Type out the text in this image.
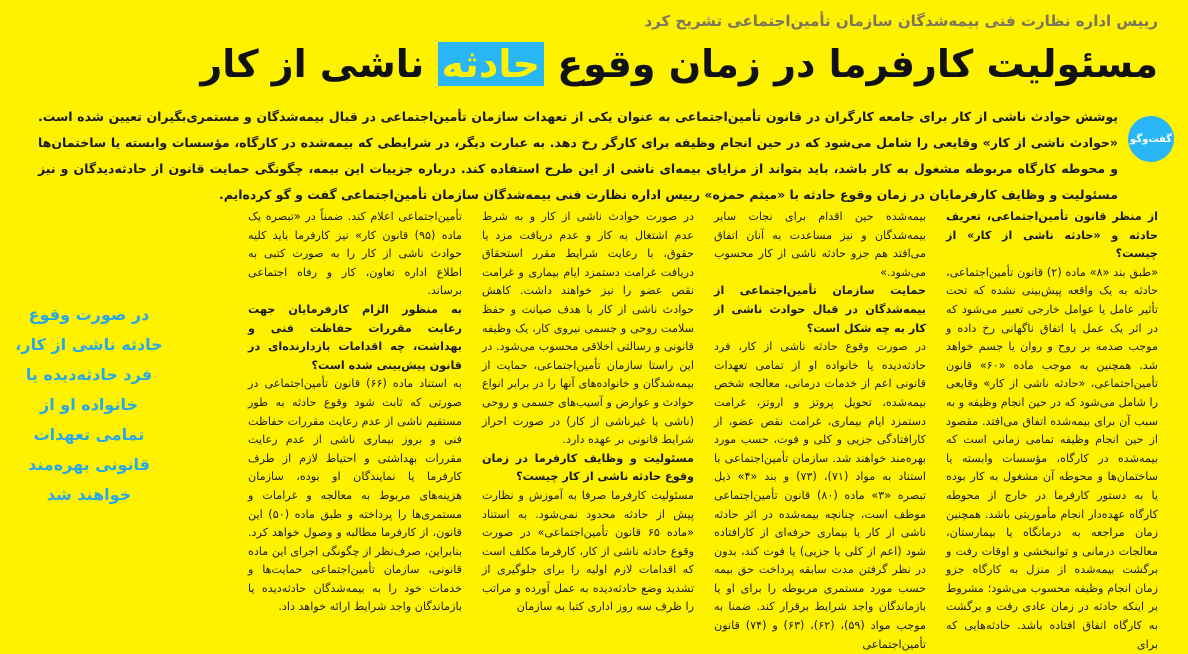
رییس اداره نظارت فنی بیمه‌شدگان سازمان تأمین‌اجتماعی تشریح کرد
مسئولیت کارفرما در زمان وقوع حادثه ناشی از کار
گفت‌وگو
پوشش حوادث ناشی از کار برای جامعه کارگران در قانون تأمین‌اجتماعی به عنوان یکی از تعهدات سازمان تأمین‌اجتماعی در قبال بیمه‌شدگان و مستمری‌بگیران تعیین شده است. «حوادث ناشی از کار» وقایعی را شامل می‌شود که در حین انجام وظیفه برای کارگر رخ دهد. به عبارت دیگر، در شرایطی که بیمه‌شده در کارگاه، مؤسسات وابسته یا ساختمان‌ها و محوطه کارگاه مربوطه مشغول به کار باشد، باید بتواند از مزایای بیمه‌ای ناشی از این طرح استفاده کند. درباره جزییات این بیمه، چگونگی حمایت قانون از حادثه‌دیدگان و نیز مسئولیت و وظایف کارفرمایان در زمان وقوع حادثه با «میثم حمزه» رییس اداره نظارت فنی بیمه‌شدگان سازمان تأمین‌اجتماعی گفت و گو کرده‌ایم.

از منظر قانون تأمین‌اجتماعی، تعریف حادثه و «حادثه ناشی از کار» از چیست؟

«طبق بند «۸» ماده (۲) قانون تأمین‌اجتماعی، حادثه به یک واقعه پیش‌بینی نشده که تحت تأثیر عامل یا عوامل خارجی تعبیر می‌شود که در اثر یک عمل یا اتفاق ناگهانی رخ داده و موجب صدمه بر روح و روان یا جسم خواهد شد. همچنین به موجب ماده «۶۰» قانون تأمین‌اجتماعی، «حادثه ناشی از کار» وقایعی را شامل می‌شود که در حین انجام وظیفه و به سبب آن برای بیمه‌شده اتفاق می‌افتد. مقصود از حین انجام وظیفه تمامی زمانی است که بیمه‌شده در کارگاه، مؤسسات وابسته یا ساختمان‌ها و محوطه آن مشغول به کار بوده یا به دستور کارفرما در خارج از محوطه کارگاه عهده‌دار انجام مأموریتی باشد. همچنین زمان مراجعه به درمانگاه یا بیمارستان، معالجات درمانی و توانبخشی و اوقات رفت و برگشت بیمه‌شده از منزل به کارگاه جزو زمان انجام وظیفه محسوب می‌شود؛ مشروط بر اینکه حادثه در زمان عادی رفت و برگشت به کارگاه اتفاق افتاده باشد. حادثه‌هایی که برای

بیمه‌شده حین اقدام برای نجات سایر بیمه‌شدگان و نیز مساعدت به آنان اتفاق می‌افتد هم جزو حادثه ناشی از کار محسوب می‌شود.»

حمایت سازمان تأمین‌اجتماعی از بیمه‌شدگان در قبال حوادث ناشی از کار به چه شکل است؟

در صورت وقوع حادثه ناشی از کار، فرد حادثه‌دیده یا خانواده او از تمامی تعهدات قانونی اعم از خدمات درمانی، معالجه شخص بیمه‌شده، تحویل پروتز و اروتز، غرامت دستمزد ایام بیماری، غرامت نقص عضو، از کارافتادگی جزیی و کلی و فوت، حسب مورد بهره‌مند خواهند شد. سازمان تأمین‌اجتماعی با استناد به مواد (۷۱)، (۷۳) و بند «۴» ذیل تبصره «۳» ماده (۸۰) قانون تأمین‌اجتماعی موظف است، چنانچه بیمه‌شده در اثر حادثه ناشی از کار یا بیماری حرفه‌ای از کارافتاده شود (اعم از کلی یا جزیی) یا فوت کند، بدون در نظر گرفتن مدت سابقه پرداخت حق بیمه حسب مورد مستمری مربوطه را برای او یا بازماندگان واجد شرایط برقرار کند. ضمنا به موجب مواد (۵۹)، (۶۲)، (۶۳) و (۷۴) قانون تأمین‌اجتماعی

در صورت حوادث ناشی از کار و به شرط عدم اشتغال به کار و عدم دریافت مزد یا حقوق، با رعایت شرایط مقرر استحقاق دریافت غرامت دستمزد ایام بیماری و غرامت نقص عضو را نیز خواهند داشت. کاهش حوادث ناشی از کار با هدف صیانت و حفظ سلامت روحی و جسمی نیروی کار، یک وظیفه قانونی و رسالتی اخلاقی محسوب می‌شود. در این راستا سازمان تأمین‌اجتماعی، حمایت از بیمه‌شدگان و خانواده‌های آنها را در برابر انواع حوادث و عوارض و آسیب‌های جسمی و روحی (ناشی یا غیرناشی از کار) در صورت احراز شرایط قانونی بر عهده دارد.

مسئولیت و وظایف کارفرما در زمان وقوع حادثه ناشی از کار چیست؟

مسئولیت کارفرما صرفا به آموزش و نظارت پیش از حادثه محدود نمی‌شود. به استناد «ماده ۶۵ قانون تأمین‌اجتماعی» در صورت وقوع حادثه ناشی از کار، کارفرما مکلف است که اقدامات لازم اولیه را برای جلوگیری از تشدید وضع حادثه‌دیده به عمل آورده و مراتب را ظرف سه روز اداری کتبا به سازمان

تأمین‌اجتماعی اعلام کند. ضمناً در «تبصره یک ماده (۹۵) قانون کار» نیز کارفرما باید کلیه حوادث ناشی از کار را به صورت کتبی به اطلاع اداره تعاون، کار و رفاه اجتماعی برساند.

به منظور الزام کارفرمایان جهت رعایت مقررات حفاظت فنی و بهداشت، چه اقدامات بازدارنده‌ای در قانون پیش‌بینی شده است؟

به استناد ماده (۶۶) قانون تأمین‌اجتماعی در صورتی که ثابت شود وقوع حادثه به طور مستقیم ناشی از عدم رعایت مقررات حفاظت فنی و بروز بیماری ناشی از عدم رعایت مقررات بهداشتی و احتیاط لازم از طرف کارفرما یا نمایندگان او بوده، سازمان هزینه‌های مربوط به معالجه و غرامات و مستمری‌ها را پرداخته و طبق ماده (۵۰) این قانون، از کارفرما مطالبه و وصول خواهد کرد. بنابراین، صرف‌نظر از چگونگی اجرای این ماده قانونی، سازمان تأمین‌اجتماعی حمایت‌ها و خدمات خود را به بیمه‌شدگان حادثه‌دیده یا بازماندگان واجد شرایط ارائه خواهد داد.

در صورت وقوع حادثه ناشی از کار، فرد حادثه‌دیده یا خانواده او از تمامی تعهدات قانونی بهره‌مند خواهند شد
